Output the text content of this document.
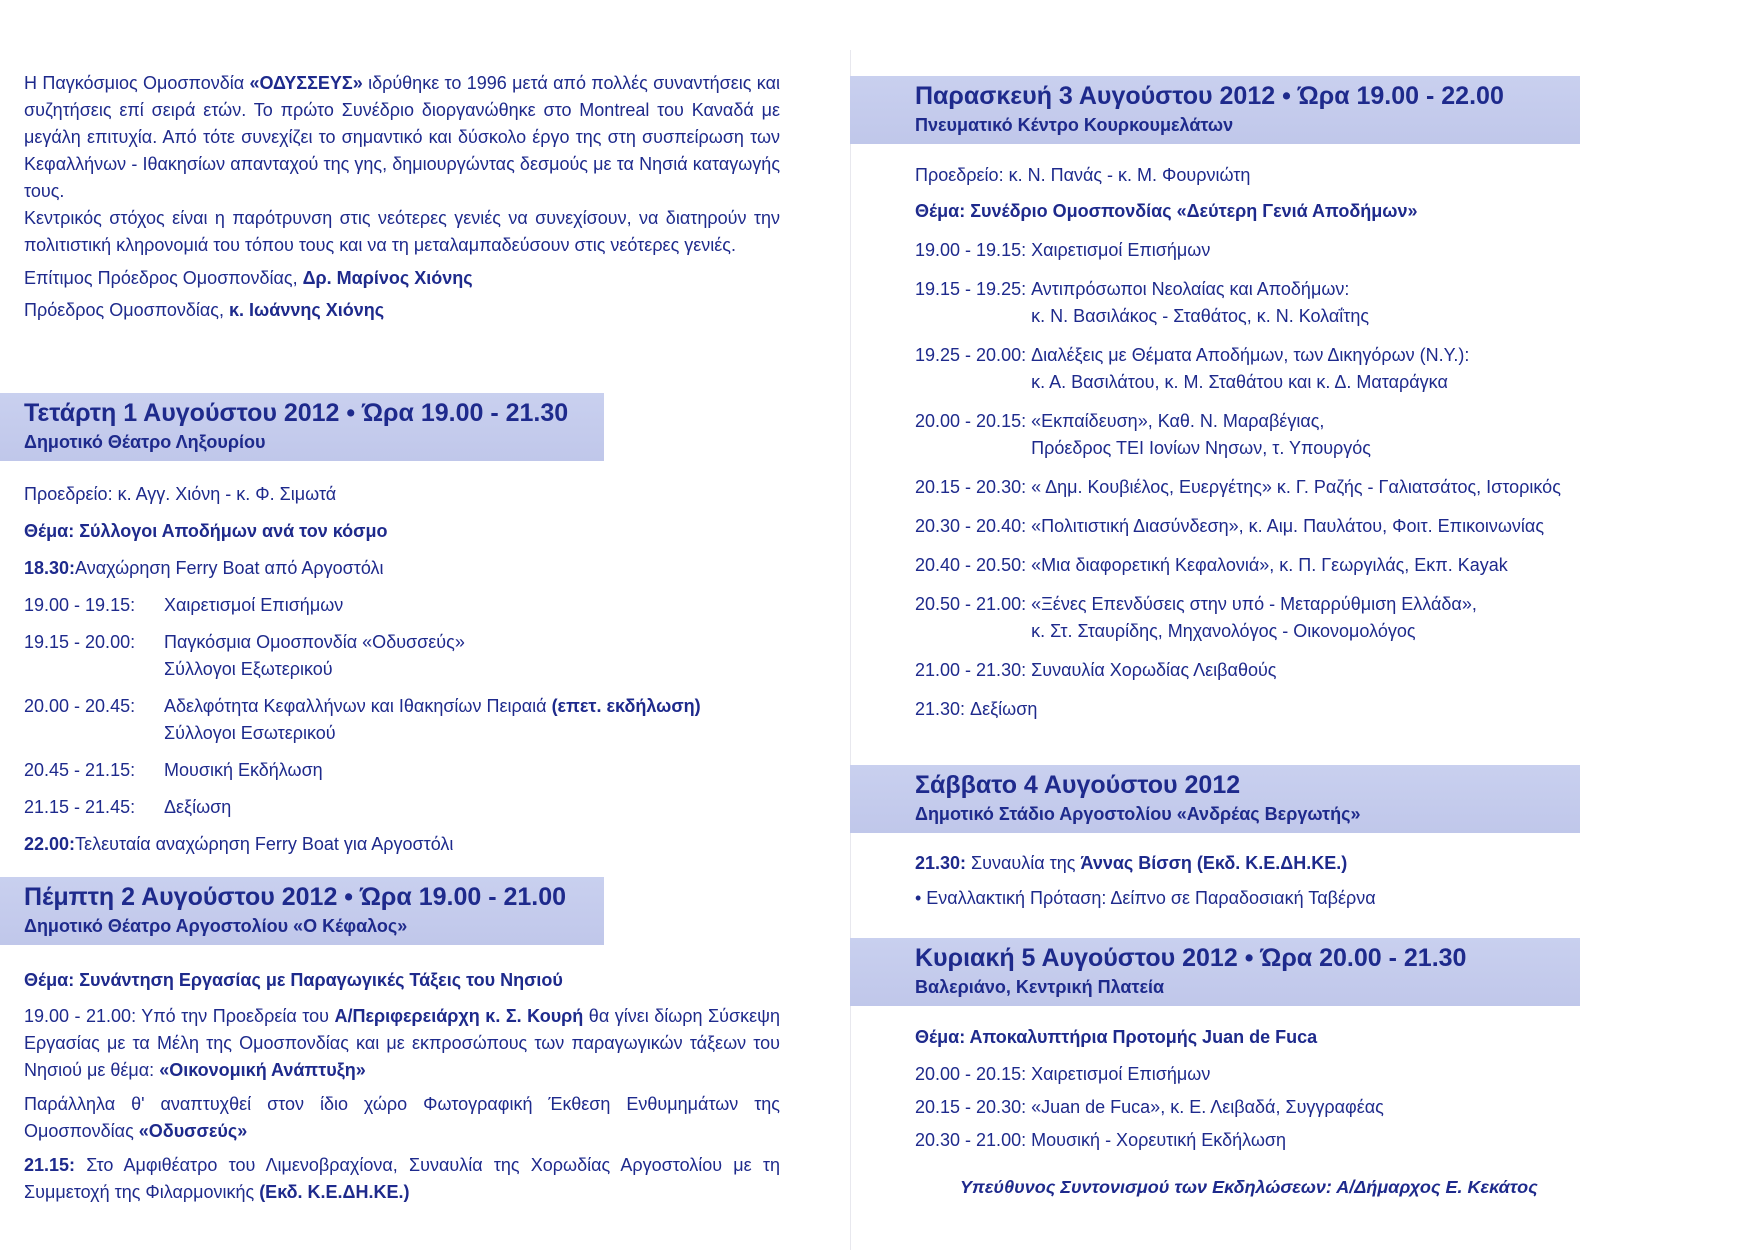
Η Παγκόσμιος Ομοσπονδία «ΟΔΥΣΣΕΥΣ» ιδρύθηκε το 1996 μετά από πολλές συναντήσεις και συζητήσεις επί σειρά ετών. Το πρώτο Συνέδριο διοργανώθηκε στο Montreal του Καναδά με μεγάλη επιτυχία. Από τότε συνεχίζει το σημαντικό και δύσκολο έργο της στη συσπείρωση των Κεφαλλήνων - Ιθακησίων απανταχού της γης, δημιουργώντας δεσμούς με τα Νησιά καταγωγής τους.

Κεντρικός στόχος είναι η παρότρυνση στις νεότερες γενιές να συνεχίσουν, να διατηρούν την πολιτιστική κληρονομιά του τόπου τους και να τη μεταλαμπαδεύσουν στις νεότερες γενιές.

Επίτιμος Πρόεδρος Ομοσπονδίας, Δρ. Μαρίνος Χιόνης

Πρόεδρος Ομοσπονδίας, κ. Ιωάννης Χιόνης

Τετάρτη 1 Αυγούστου 2012 • Ώρα 19.00 - 21.30
Δημοτικό Θέατρο Ληξουρίου

Προεδρείο: κ. Αγγ. Χιόνη - κ. Φ. Σιμωτά

Θέμα: Σύλλογοι Αποδήμων ανά τον κόσμο

18.30: Αναχώρηση Ferry Boat από Αργοστόλι
19.00 - 19.15:	Χαιρετισμοί Επισήμων
19.15 - 20.00:	Παγκόσμια Ομοσπονδία «Οδυσσεύς»
Σύλλογοι Εξωτερικού
20.00 - 20.45:	Αδελφότητα Κεφαλλήνων και Ιθακησίων Πειραιά (επετ. εκδήλωση)
Σύλλογοι Εσωτερικού
20.45 - 21.15:	Μουσική Εκδήλωση
21.15 - 21.45:	Δεξίωση
22.00: Τελευταία αναχώρηση Ferry Boat για Αργοστόλι
Πέμπτη 2 Αυγούστου 2012 • Ώρα 19.00 - 21.00
Δημοτικό Θέατρο Αργοστολίου «Ο Κέφαλος»

Θέμα: Συνάντηση Εργασίας με Παραγωγικές Τάξεις του Νησιού

19.00 - 21.00: Υπό την Προεδρεία του Α/Περιφερειάρχη κ. Σ. Κουρή θα γίνει δίωρη Σύσκεψη Εργασίας με τα Μέλη της Ομοσπονδίας και με εκπροσώπους των παραγωγικών τάξεων του Νησιού με θέμα: «Οικονομική Ανάπτυξη»

Παράλληλα θ' αναπτυχθεί στον ίδιο χώρο Φωτογραφική Έκθεση Ενθυμημάτων της Ομοσπονδίας «Οδυσσεύς»

21.15: Στο Αμφιθέατρο του Λιμενοβραχίονα, Συναυλία της Χορωδίας Αργοστολίου με τη Συμμετοχή της Φιλαρμονικής (Εκδ. Κ.Ε.ΔΗ.ΚΕ.)

Παρασκευή 3 Αυγούστου 2012 • Ώρα 19.00 - 22.00
Πνευματικό Κέντρο Κουρκουμελάτων

Προεδρείο: κ. Ν. Πανάς - κ. Μ. Φουρνιώτη

Θέμα: Συνέδριο Ομοσπονδίας «Δεύτερη Γενιά Αποδήμων»

19.00 - 19.15: Χαιρετισμοί Επισήμων
19.15 - 19.25: Αντιπρόσωποι Νεολαίας και Αποδήμων:
κ. Ν. Βασιλάκος - Σταθάτος, κ. Ν. Κολαΐτης
19.25 - 20.00: Διαλέξεις με Θέματα Αποδήμων, των Δικηγόρων (Ν.Υ.):
κ. Α. Βασιλάτου, κ. Μ. Σταθάτου και κ. Δ. Ματαράγκα
20.00 - 20.15: «Εκπαίδευση», Καθ. Ν. Μαραβέγιας,
Πρόεδρος ΤΕΙ Ιονίων Νησων, τ. Υπουργός
20.15 - 20.30: « Δημ. Κουβιέλος, Ευεργέτης» κ. Γ. Ραζής - Γαλιατσάτος, Ιστορικός
20.30 - 20.40: «Πολιτιστική Διασύνδεση», κ. Αιμ. Παυλάτου, Φοιτ. Επικοινωνίας
20.40 - 20.50: «Μια διαφορετική Κεφαλονιά», κ. Π. Γεωργιλάς, Εκπ. Kayak
20.50 - 21.00: «Ξένες Επενδύσεις στην υπό - Μεταρρύθμιση Ελλάδα»,
κ. Στ. Σταυρίδης, Μηχανολόγος - Οικονομολόγος
21.00 - 21.30: Συναυλία Χορωδίας Λειβαθούς
21.30: Δεξίωση
Σάββατο 4 Αυγούστου 2012
Δημοτικό Στάδιο Αργοστολίου «Ανδρέας Βεργωτής»

21.30: Συναυλία της Άννας Βίσση (Εκδ. Κ.Ε.ΔΗ.ΚΕ.)

• Εναλλακτική Πρόταση: Δείπνο σε Παραδοσιακή Ταβέρνα

Κυριακή 5 Αυγούστου 2012 • Ώρα 20.00 - 21.30
Βαλεριάνο, Κεντρική Πλατεία

Θέμα: Αποκαλυπτήρια Προτομής Juan de Fuca

20.00 - 20.15: Χαιρετισμοί Επισήμων
20.15 - 20.30: «Juan de Fuca», κ. Ε. Λειβαδά, Συγγραφέας
20.30 - 21.00: Μουσική - Χορευτική Εκδήλωση
Υπεύθυνος Συντονισμού των Εκδηλώσεων: Α/Δήμαρχος Ε. Κεκάτος
